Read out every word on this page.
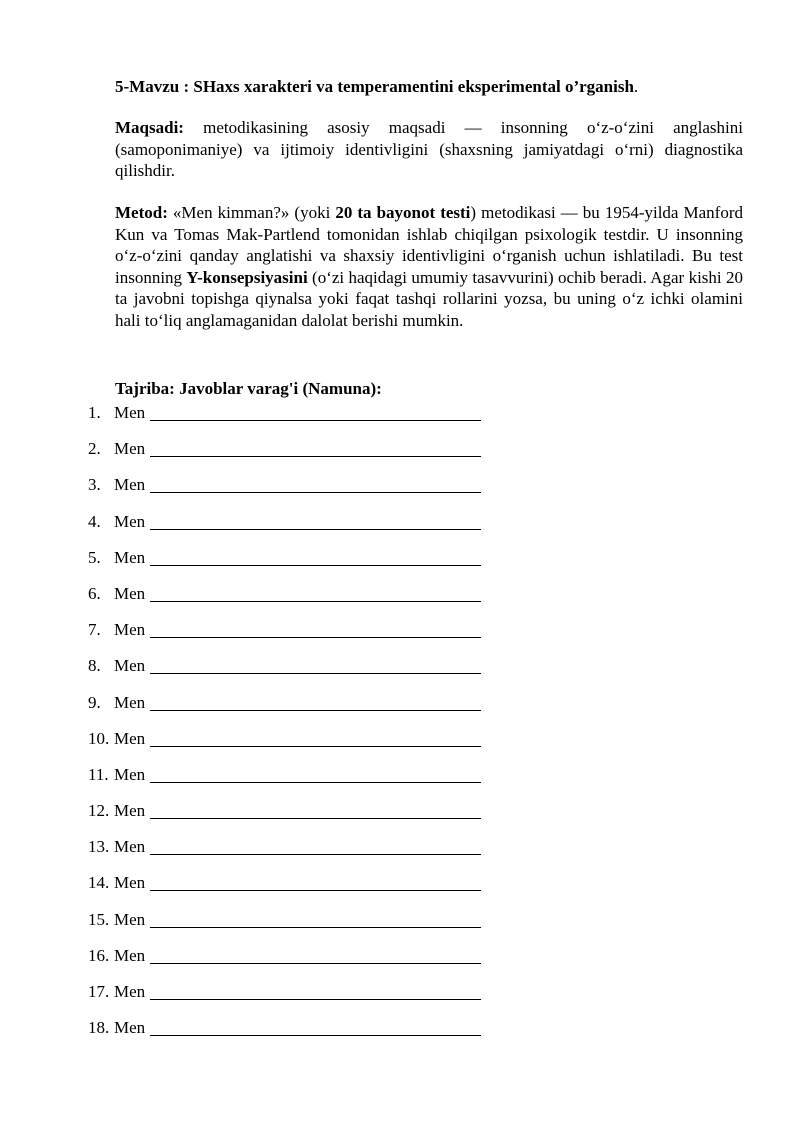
5-Mavzu : SHaxs xarakteri va temperamentini eksperimental o’rganish.
Maqsadi: metodikasining asosiy maqsadi — insonning o‘z-o‘zini anglashini (samoponimaniye) va ijtimoiy identivligini (shaxsning jamiyatdagi o‘rni) diagnostika qilishdir.
Metod: «Men kimman?» (yoki 20 ta bayonot testi) metodikasi — bu 1954-yilda Manford Kun va Tomas Mak-Partlend tomonidan ishlab chiqilgan psixologik testdir. U insonning o‘z-o‘zini qanday anglatishi va shaxsiy identivligini o‘rganish uchun ishlatiladi. Bu test insonning Y-konsepsiyasini (o‘zi haqidagi umumiy tasavvurini) ochib beradi. Agar kishi 20 ta javobni topishga qiynalsa yoki faqat tashqi rollarini yozsa, bu uning o‘z ichki olamini hali to‘liq anglamaganidan dalolat berishi mumkin.
Tajriba: Javoblar varag'i (Namuna):
1. Men
2. Men
3. Men
4. Men
5. Men
6. Men
7. Men
8. Men
9. Men
10. Men
11. Men
12. Men
13. Men
14. Men
15. Men
16. Men
17. Men
18. Men
